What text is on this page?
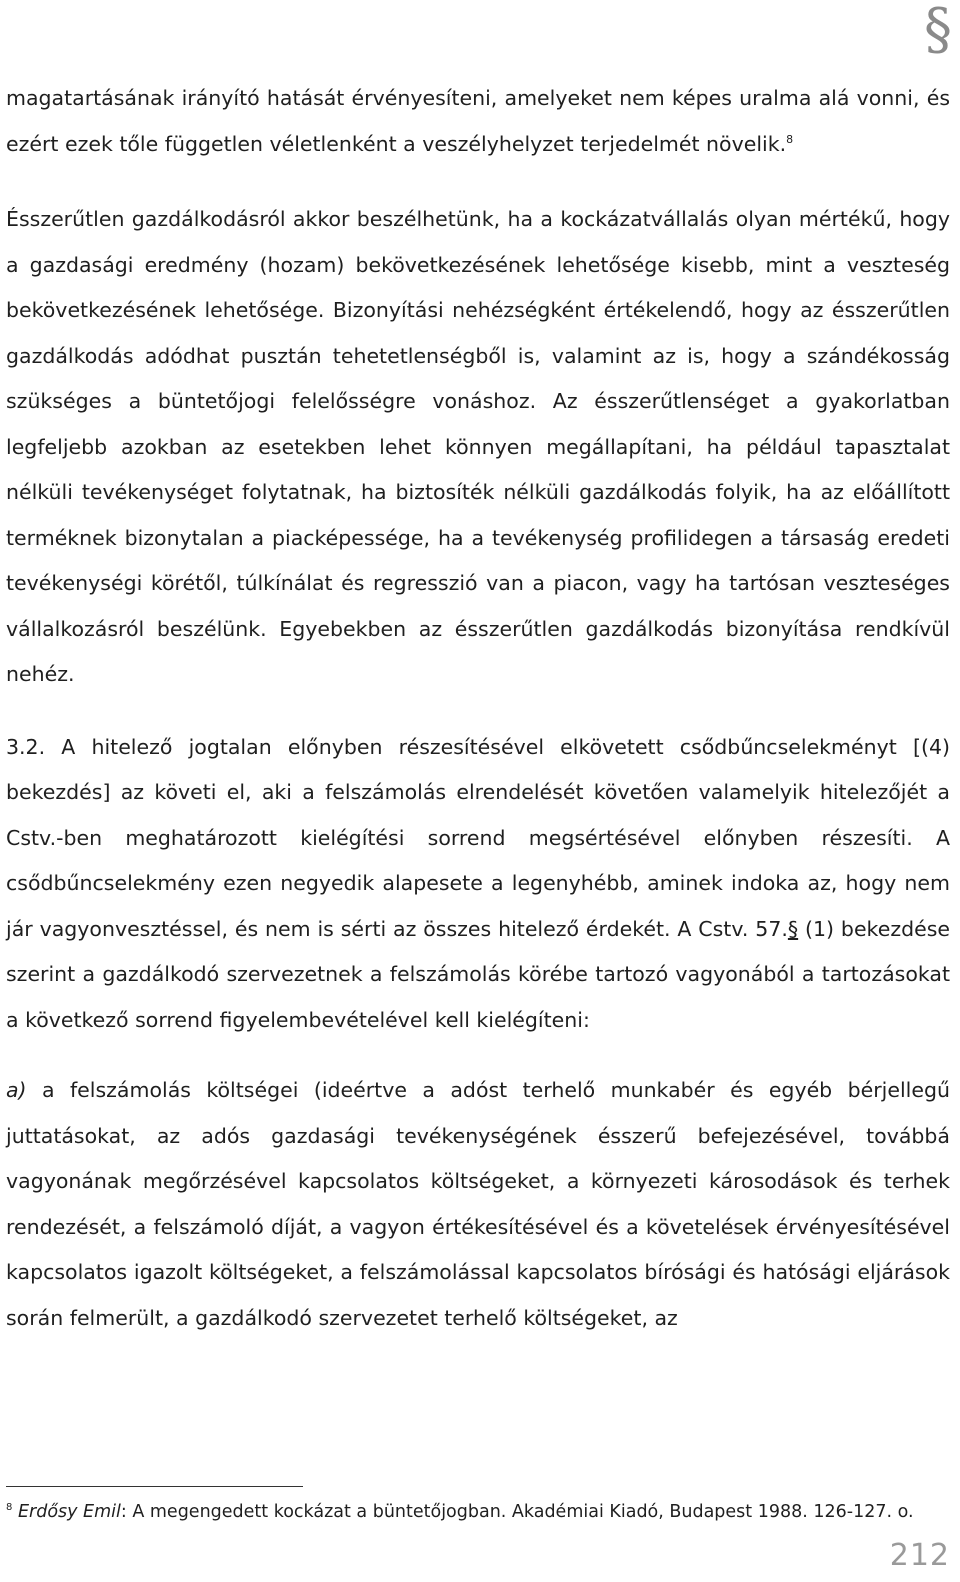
§

magatartásának irányító hatását érvényesíteni, amelyeket nem képes uralma alá vonni, és ezért ezek tőle független véletlenként a veszélyhelyzet terjedelmét növelik.$^8$

Ésszerűtlen gazdálkodásról akkor beszélhetünk, ha a kockázatvállalás olyan mértékű, hogy a gazdasági eredmény (hozam) bekövetkezésének lehetősége kisebb, mint a veszteség bekövetkezésének lehetősége. Bizonyítási nehézségként értékelendő, hogy az ésszerűtlen gazdálkodás adódhat pusztán tehetetlenségből is, valamint az is, hogy a szándékosság szükséges a büntetőjogi felelősségre vonáshoz. Az ésszerűtlenséget a gyakorlatban legfeljebb azokban az esetekben lehet könnyen megállapítani, ha például tapasztalat nélküli tevékenységet folytatnak, ha biztosíték nélküli gazdálkodás folyik, ha az előállított terméknek bizonytalan a piacképessége, ha a tevékenység profilidegen a társaság eredeti tevékenységi körétől, túlkínálat és regresszió van a piacon, vagy ha tartósan veszteséges vállalkozásról beszélünk. Egyebekben az ésszerűtlen gazdálkodás bizonyítása rendkívül nehéz.

3.2. A hitelező jogtalan előnyben részesítésével elkövetett csődbűncselekményt [(4) bekezdés] az követi el, aki a felszámolás elrendelését követően valamelyik hitelezőjét a Cstv.-ben meghatározott kielégítési sorrend megsértésével előnyben részesíti. A csődbűncselekmény ezen negyedik alapesete a legenyhébb, aminek indoka az, hogy nem jár vagyonvesztéssel, és nem is sérti az összes hitelező érdekét. A Cstv. 57.§ (1) bekezdése szerint a gazdálkodó szervezetnek a felszámolás körébe tartozó vagyonából a tartozásokat a következő sorrend figyelembevételével kell kielégíteni:

a) a felszámolás költségei (ideértve a adóst terhelő munkabér és egyéb bérjellegű juttatásokat, az adós gazdasági tevékenységének ésszerű befejezésével, továbbá vagyonának megőrzésével kapcsolatos költségeket, a környezeti károsodások és terhek rendezését, a felszámoló díját, a vagyon értékesítésével és a követelések érvényesítésével kapcsolatos igazolt költségeket, a felszámolással kapcsolatos bírósági és hatósági eljárások során felmerült, a gazdálkodó szervezetet terhelő költségeket, az

$^8$ Erdősy Emil: A megengedett kockázat a büntetőjogban. Akadémiai Kiadó, Budapest 1988. 126-127. o.
212
